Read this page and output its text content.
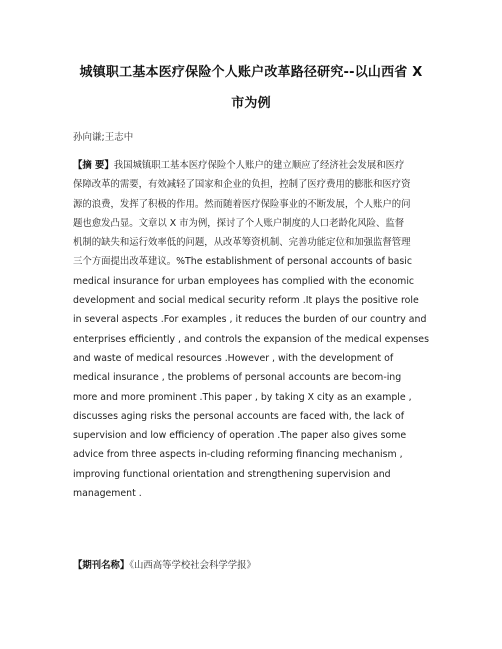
城镇职工基本医疗保险个人账户改革路径研究--以山西省 X
市为例
孙向谦;王志中
【摘 要】我国城镇职工基本医疗保险个人账户的建立顺应了经济社会发展和医疗
保障改革的需要，有效减轻了国家和企业的负担，控制了医疗费用的膨胀和医疗资
源的浪费，发挥了积极的作用。然而随着医疗保险事业的不断发展，个人账户的问
题也愈发凸显。文章以 X 市为例，探讨了个人账户制度的人口老龄化风险、监督
机制的缺失和运行效率低的问题，从改革筹资机制、完善功能定位和加强监督管理
三个方面提出改革建议。%The establishment of personal accounts of basic
medical insurance for urban employees has complied with the economic
development and social medical security reform .It plays the positive role
in several aspects .For examples , it reduces the burden of our country and
enterprises efficiently , and controls the expansion of the medical expenses
and waste of medical resources .However , with the development of
medical insurance , the problems of personal accounts are becom-ing
more and more prominent .This paper , by taking X city as an example ,
discusses aging risks the personal accounts are faced with, the lack of
supervision and low efficiency of operation .The paper also gives some
advice from three aspects in-cluding reforming financing mechanism ,
improving functional orientation and strengthening supervision and
management .
【期刊名称】《山西高等学校社会科学学报》
